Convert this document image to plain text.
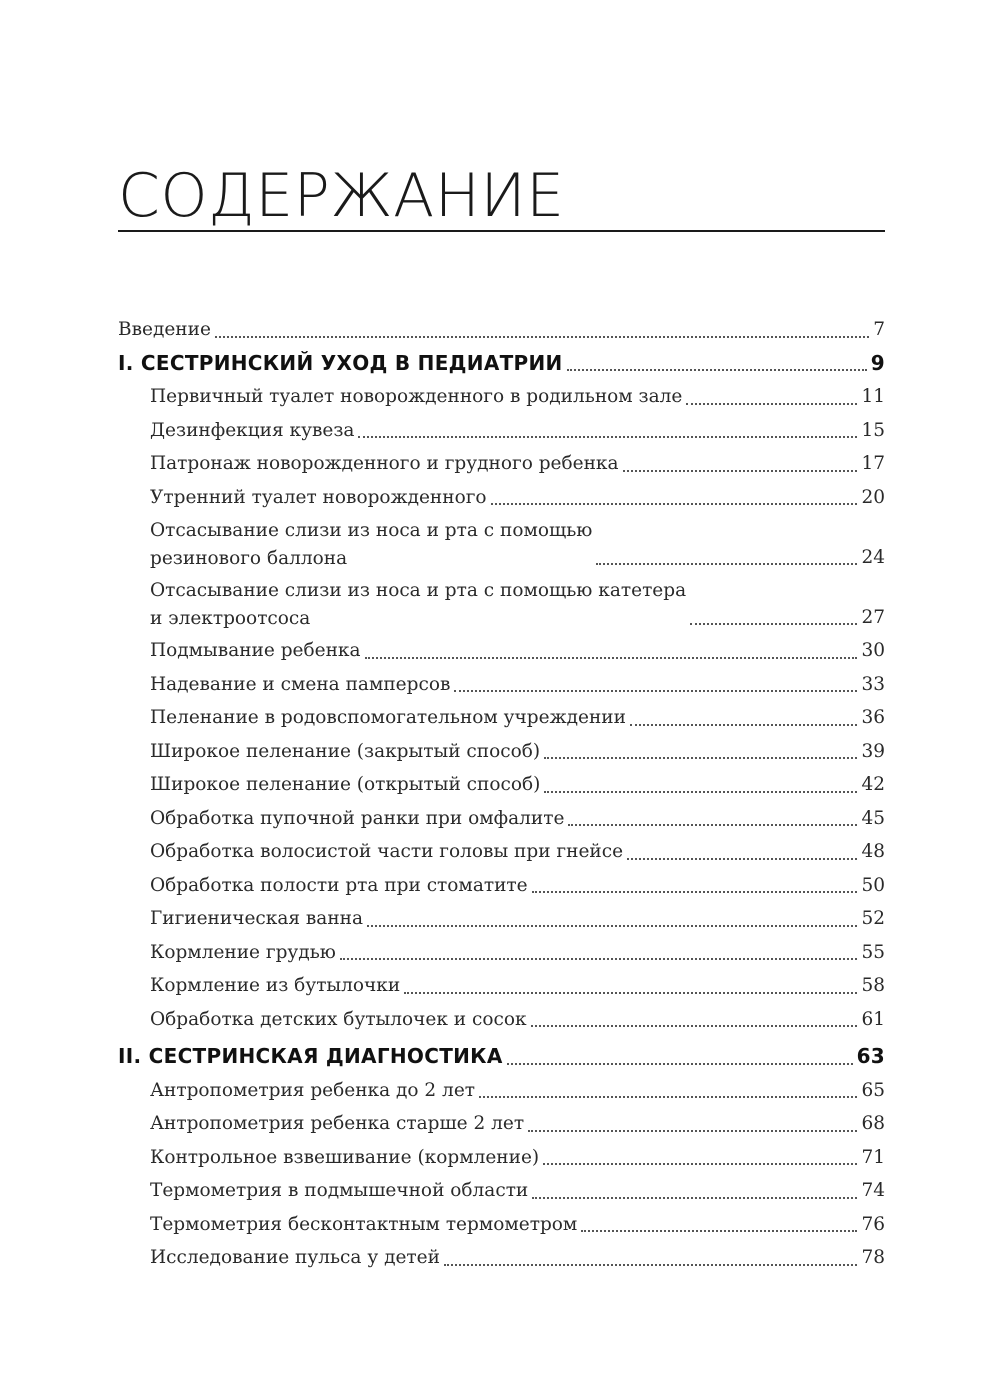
СОДЕРЖАНИЕ
Введение	7
I. СЕСТРИНСКИЙ УХОД В ПЕДИАТРИИ	9
Первичный туалет новорожденного в родильном зале	11
Дезинфекция кувеза	15
Патронаж новорожденного и грудного ребенка	17
Утренний туалет новорожденного	20
Отсасывание слизи из носа и рта с помощью
резинового баллона	24
Отсасывание слизи из носа и рта с помощью катетера
и электроотсоса	27
Подмывание ребенка	30
Надевание и смена памперсов	33
Пеленание в родовспомогательном учреждении	36
Широкое пеленание (закрытый способ)	39
Широкое пеленание (открытый способ)	42
Обработка пупочной ранки при омфалите	45
Обработка волосистой части головы при гнейсе	48
Обработка полости рта при стоматите	50
Гигиеническая ванна	52
Кормление грудью	55
Кормление из бутылочки	58
Обработка детских бутылочек и сосок	61
II. СЕСТРИНСКАЯ ДИАГНОСТИКА	63
Антропометрия ребенка до 2 лет	65
Антропометрия ребенка старше 2 лет	68
Контрольное взвешивание (кормление)	71
Термометрия в подмышечной области	74
Термометрия бесконтактным термометром	76
Исследование пульса у детей	78
